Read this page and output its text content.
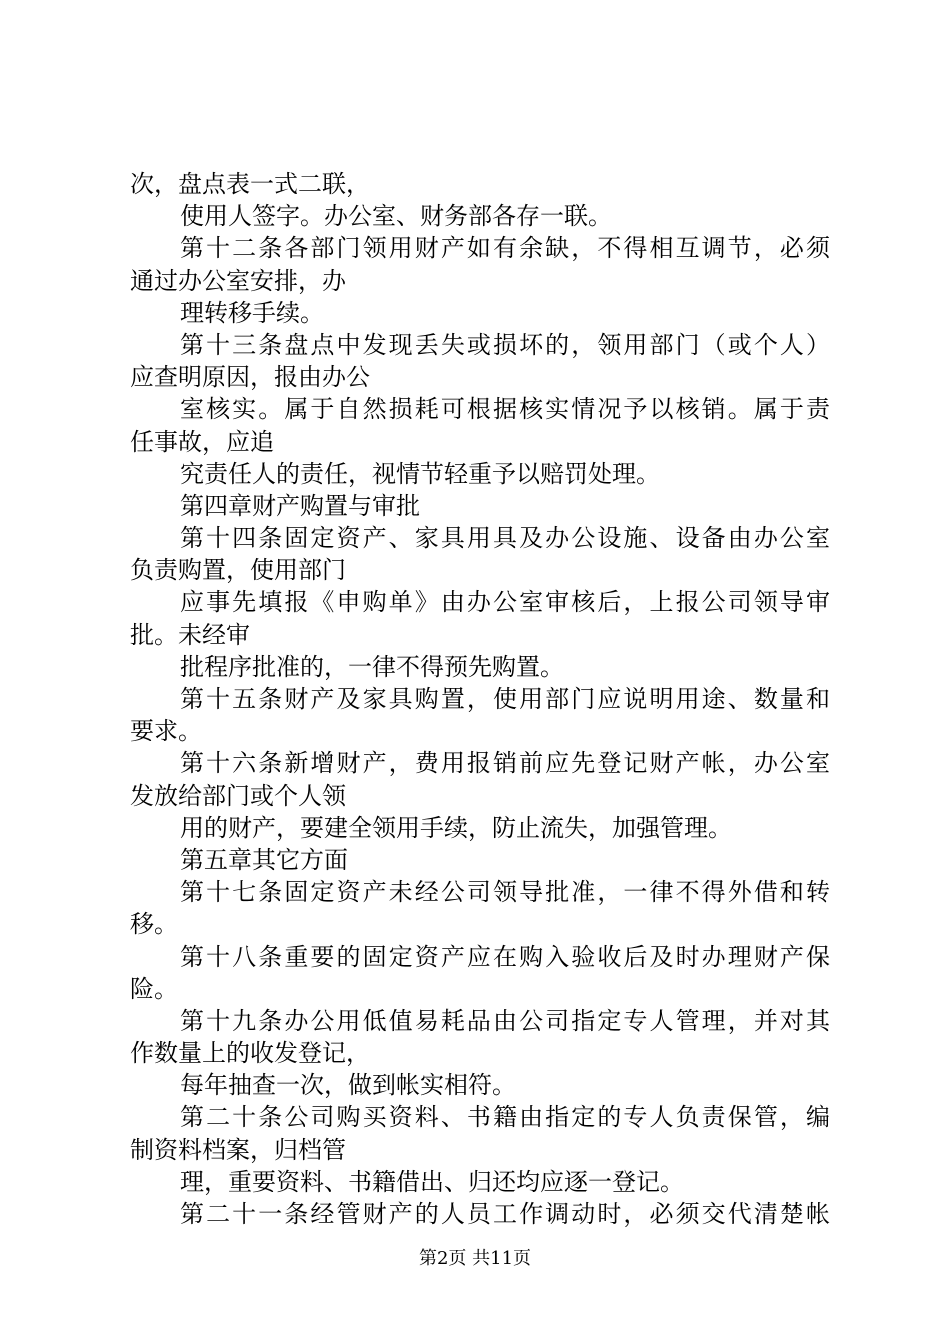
次，盘点表一式二联，
使用人签字。办公室、财务部各存一联。
第十二条各部门领用财产如有余缺，不得相互调节，必须
通过办公室安排，办
理转移手续。
第十三条盘点中发现丢失或损坏的，领用部门（或个人）
应查明原因，报由办公
室核实。属于自然损耗可根据核实情况予以核销。属于责
任事故，应追
究责任人的责任，视情节轻重予以赔罚处理。
第四章财产购置与审批
第十四条固定资产、家具用具及办公设施、设备由办公室
负责购置，使用部门
应事先填报《申购单》由办公室审核后，上报公司领导审
批。未经审
批程序批准的，一律不得预先购置。
第十五条财产及家具购置，使用部门应说明用途、数量和
要求。
第十六条新增财产，费用报销前应先登记财产帐，办公室
发放给部门或个人领
用的财产，要建全领用手续，防止流失，加强管理。
第五章其它方面
第十七条固定资产未经公司领导批准，一律不得外借和转
移。
第十八条重要的固定资产应在购入验收后及时办理财产保
险。
第十九条办公用低值易耗品由公司指定专人管理，并对其
作数量上的收发登记，
每年抽查一次，做到帐实相符。
第二十条公司购买资料、书籍由指定的专人负责保管，编
制资料档案，归档管
理，重要资料、书籍借出、归还均应逐一登记。
第二十一条经管财产的人员工作调动时，必须交代清楚帐
第2页 共11页
